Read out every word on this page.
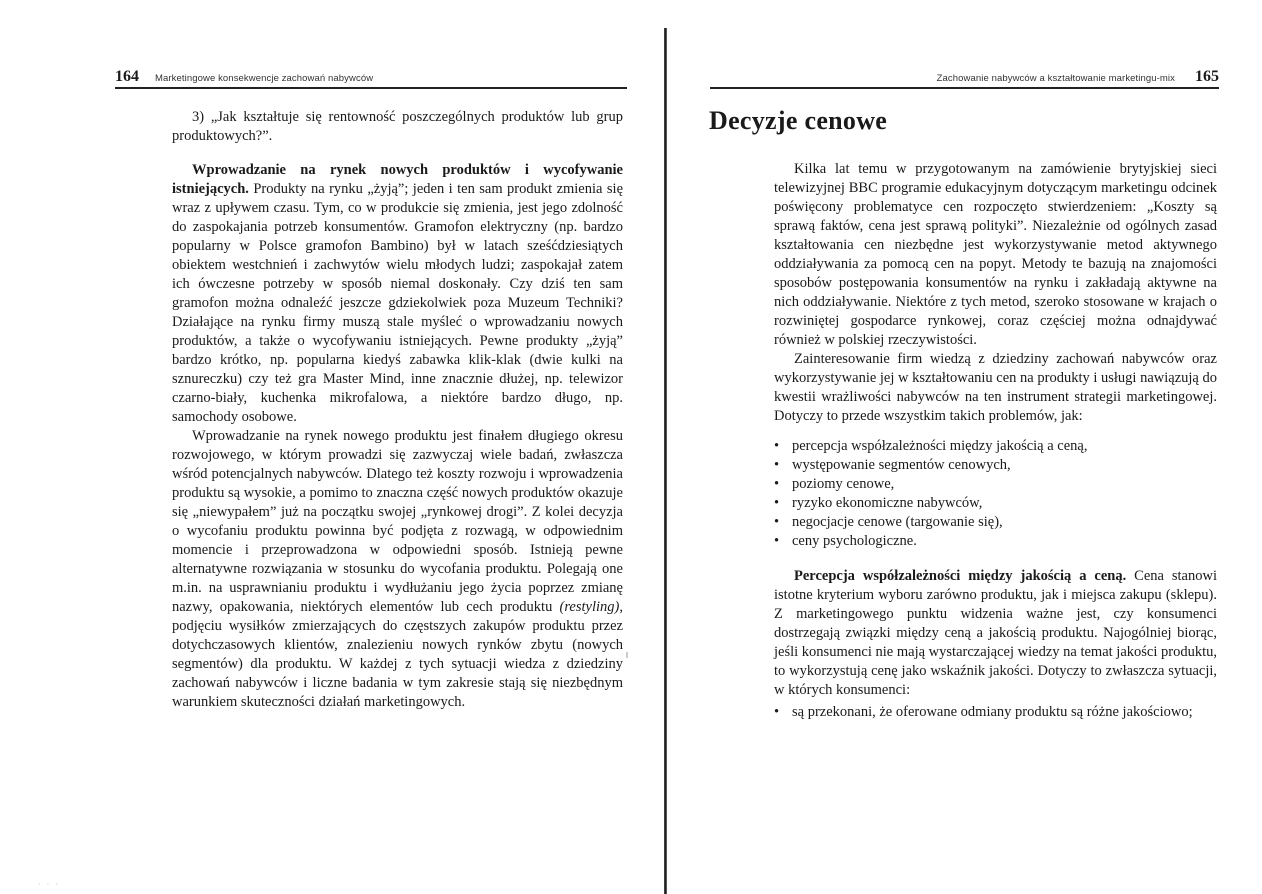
164 Marketingowe konsekwencje zachowań nabywców

3) „Jak kształtuje się rentowność poszczególnych produktów lub grup produktowych?”.

Wprowadzanie na rynek nowych produktów i wycofywanie istniejących. Produkty na rynku „żyją”; jeden i ten sam produkt zmienia się wraz z upływem czasu. Tym, co w produkcie się zmienia, jest jego zdolność do zaspokajania potrzeb konsumentów. Gramofon elektryczny (np. bardzo popularny w Polsce gramofon Bambino) był w latach sześćdziesiątych obiektem westchnień i zachwytów wielu młodych ludzi; zaspokajał zatem ich ówczesne potrzeby w sposób niemal doskonały. Czy dziś ten sam gramofon można odnaleźć jeszcze gdziekolwiek poza Muzeum Techniki? Działające na rynku firmy muszą stale myśleć o wprowadzaniu nowych produktów, a także o wycofywaniu istniejących. Pewne produkty „żyją” bardzo krótko, np. popularna kiedyś zabawka klik-klak (dwie kulki na sznureczku) czy też gra Master Mind, inne znacznie dłużej, np. telewizor czarno-biały, kuchenka mikrofalowa, a niektóre bardzo długo, np. samochody osobowe.

Wprowadzanie na rynek nowego produktu jest finałem długiego okresu rozwojowego, w którym prowadzi się zazwyczaj wiele badań, zwłaszcza wśród potencjalnych nabywców. Dlatego też koszty rozwoju i wprowadzenia produktu są wysokie, a pomimo to znaczna część nowych produktów okazuje się „niewypałem” już na początku swojej „rynkowej drogi”. Z kolei decyzja o wycofaniu produktu powinna być podjęta z rozwagą, w odpowiednim momencie i przeprowadzona w odpowiedni sposób. Istnieją pewne alternatywne rozwiązania w stosunku do wycofania produktu. Polegają one m.in. na usprawnianiu produktu i wydłużaniu jego życia poprzez zmianę nazwy, opakowania, niektórych elementów lub cech produktu (restyling), podjęciu wysiłków zmierzających do częstszych zakupów produktu przez dotychczasowych klientów, znalezieniu nowych rynków zbytu (nowych segmentów) dla produktu. W każdej z tych sytuacji wiedza z dziedziny zachowań nabywców i liczne badania w tym zakresie stają się niezbędnym warunkiem skuteczności działań marketingowych.

· · ·
Zachowanie nabywców a kształtowanie marketingu-mix 165
Decyzje cenowe

Kilka lat temu w przygotowanym na zamówienie brytyjskiej sieci telewizyjnej BBC programie edukacyjnym dotyczącym marketingu odcinek poświęcony problematyce cen rozpoczęto stwierdzeniem: „Koszty są sprawą faktów, cena jest sprawą polityki”. Niezależnie od ogólnych zasad kształtowania cen niezbędne jest wykorzystywanie metod aktywnego oddziaływania za pomocą cen na popyt. Metody te bazują na znajomości sposobów postępowania konsumentów na rynku i zakładają aktywne na nich oddziaływanie. Niektóre z tych metod, szeroko stosowane w krajach o rozwiniętej gospodarce rynkowej, coraz częściej można odnajdywać również w polskiej rzeczywistości.

Zainteresowanie firm wiedzą z dziedziny zachowań nabywców oraz wykorzystywanie jej w kształtowaniu cen na produkty i usługi nawiązują do kwestii wrażliwości nabywców na ten instrument strategii marketingowej. Dotyczy to przede wszystkim takich problemów, jak:

• percepcja współzależności między jakością a ceną,
• występowanie segmentów cenowych,
• poziomy cenowe,
• ryzyko ekonomiczne nabywców,
• negocjacje cenowe (targowanie się),
• ceny psychologiczne.

Percepcja współzależności między jakością a ceną. Cena stanowi istotne kryterium wyboru zarówno produktu, jak i miejsca zakupu (sklepu). Z marketingowego punktu widzenia ważne jest, czy konsumenci dostrzegają związki między ceną a jakością produktu. Najogólniej biorąc, jeśli konsumenci nie mają wystarczającej wiedzy na temat jakości produktu, to wykorzystują cenę jako wskaźnik jakości. Dotyczy to zwłaszcza sytuacji, w których konsumenci:

• są przekonani, że oferowane odmiany produktu są różne jakościowo;
